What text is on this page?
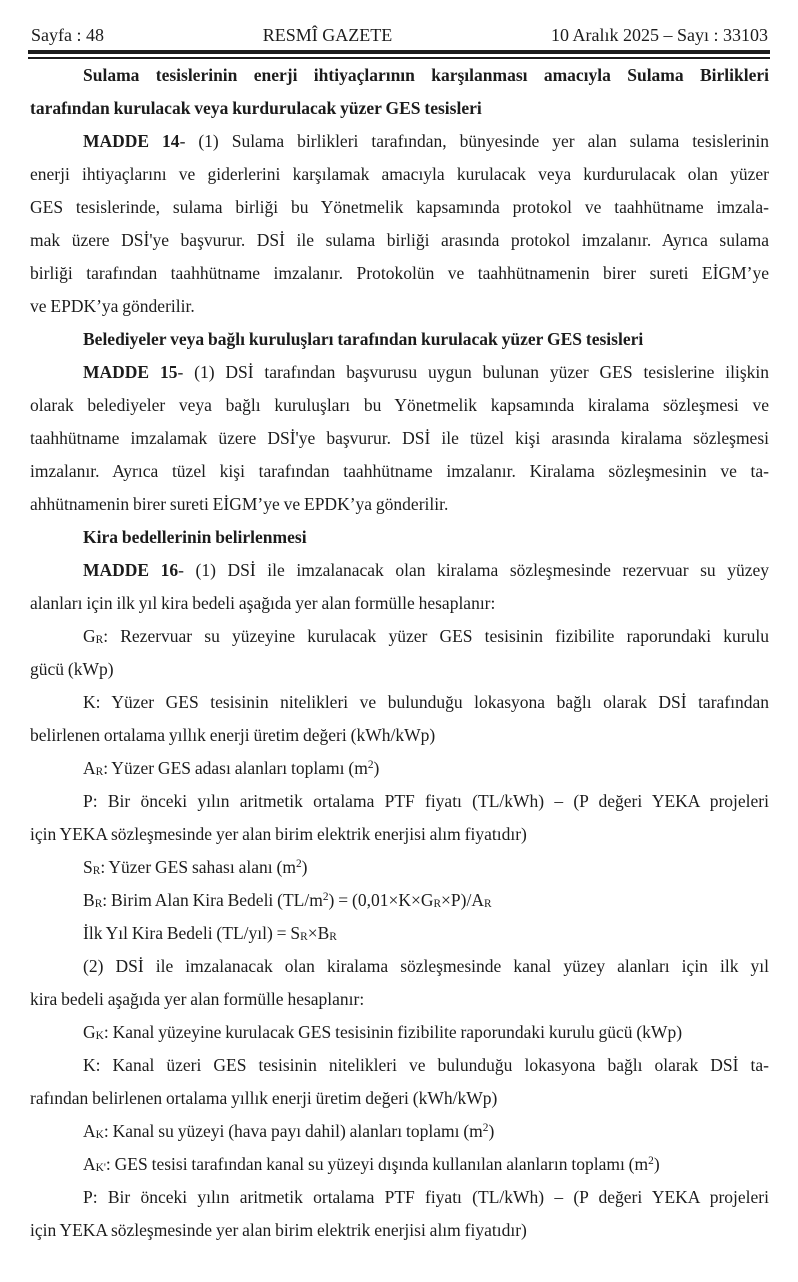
Sayfa : 48	RESMÎ GAZETE	10 Aralık 2025 – Sayı : 33103
Sulama tesislerinin enerji ihtiyaçlarının karşılanması amacıyla Sulama Birlikleri
tarafından kurulacak veya kurdurulacak yüzer GES tesisleri
MADDE 14- (1) Sulama birlikleri tarafından, bünyesinde yer alan sulama tesislerinin
enerji ihtiyaçlarını ve giderlerini karşılamak amacıyla kurulacak veya kurdurulacak olan yüzer
GES tesislerinde, sulama birliği bu Yönetmelik kapsamında protokol ve taahhütname imzala-
mak üzere DSİ'ye başvurur. DSİ ile sulama birliği arasında protokol imzalanır. Ayrıca sulama
birliği tarafından taahhütname imzalanır. Protokolün ve taahhütnamenin birer sureti EİGM’ye
ve EPDK’ya gönderilir.
Belediyeler veya bağlı kuruluşları tarafından kurulacak yüzer GES tesisleri
MADDE 15- (1) DSİ tarafından başvurusu uygun bulunan yüzer GES tesislerine ilişkin
olarak belediyeler veya bağlı kuruluşları bu Yönetmelik kapsamında kiralama sözleşmesi ve
taahhütname imzalamak üzere DSİ'ye başvurur. DSİ ile tüzel kişi arasında kiralama sözleşmesi
imzalanır. Ayrıca tüzel kişi tarafından taahhütname imzalanır. Kiralama sözleşmesinin ve ta-
ahhütnamenin birer sureti EİGM’ye ve EPDK’ya gönderilir.
Kira bedellerinin belirlenmesi
MADDE 16- (1) DSİ ile imzalanacak olan kiralama sözleşmesinde rezervuar su yüzey
alanları için ilk yıl kira bedeli aşağıda yer alan formülle hesaplanır:
$G_R$: Rezervuar su yüzeyine kurulacak yüzer GES tesisinin fizibilite raporundaki kurulu
gücü (kWp)
K: Yüzer GES tesisinin nitelikleri ve bulunduğu lokasyona bağlı olarak DSİ tarafından
belirlenen ortalama yıllık enerji üretim değeri (kWh/kWp)
$A_R$: Yüzer GES adası alanları toplamı $(m^2)$
P: Bir önceki yılın aritmetik ortalama PTF fiyatı (TL/kWh) – (P değeri YEKA projeleri
için YEKA sözleşmesinde yer alan birim elektrik enerjisi alım fiyatıdır)
$S_R$: Yüzer GES sahası alanı $(m^2)$
$B_R$: Birim Alan Kira Bedeli $(TL/m^2) = (0,01\times K\times G_R\times P)/A_R$
İlk Yıl Kira Bedeli (TL/yıl) = $S_R\times B_R$
(2) DSİ ile imzalanacak olan kiralama sözleşmesinde kanal yüzey alanları için ilk yıl
kira bedeli aşağıda yer alan formülle hesaplanır:
$G_K$: Kanal yüzeyine kurulacak GES tesisinin fizibilite raporundaki kurulu gücü (kWp)
K: Kanal üzeri GES tesisinin nitelikleri ve bulunduğu lokasyona bağlı olarak DSİ ta-
rafından belirlenen ortalama yıllık enerji üretim değeri (kWh/kWp)
$A_K$: Kanal su yüzeyi (hava payı dahil) alanları toplamı $(m^2)$
$A_{K'}$: GES tesisi tarafından kanal su yüzeyi dışında kullanılan alanların toplamı $(m^2)$
P: Bir önceki yılın aritmetik ortalama PTF fiyatı (TL/kWh) – (P değeri YEKA projeleri
için YEKA sözleşmesinde yer alan birim elektrik enerjisi alım fiyatıdır)
